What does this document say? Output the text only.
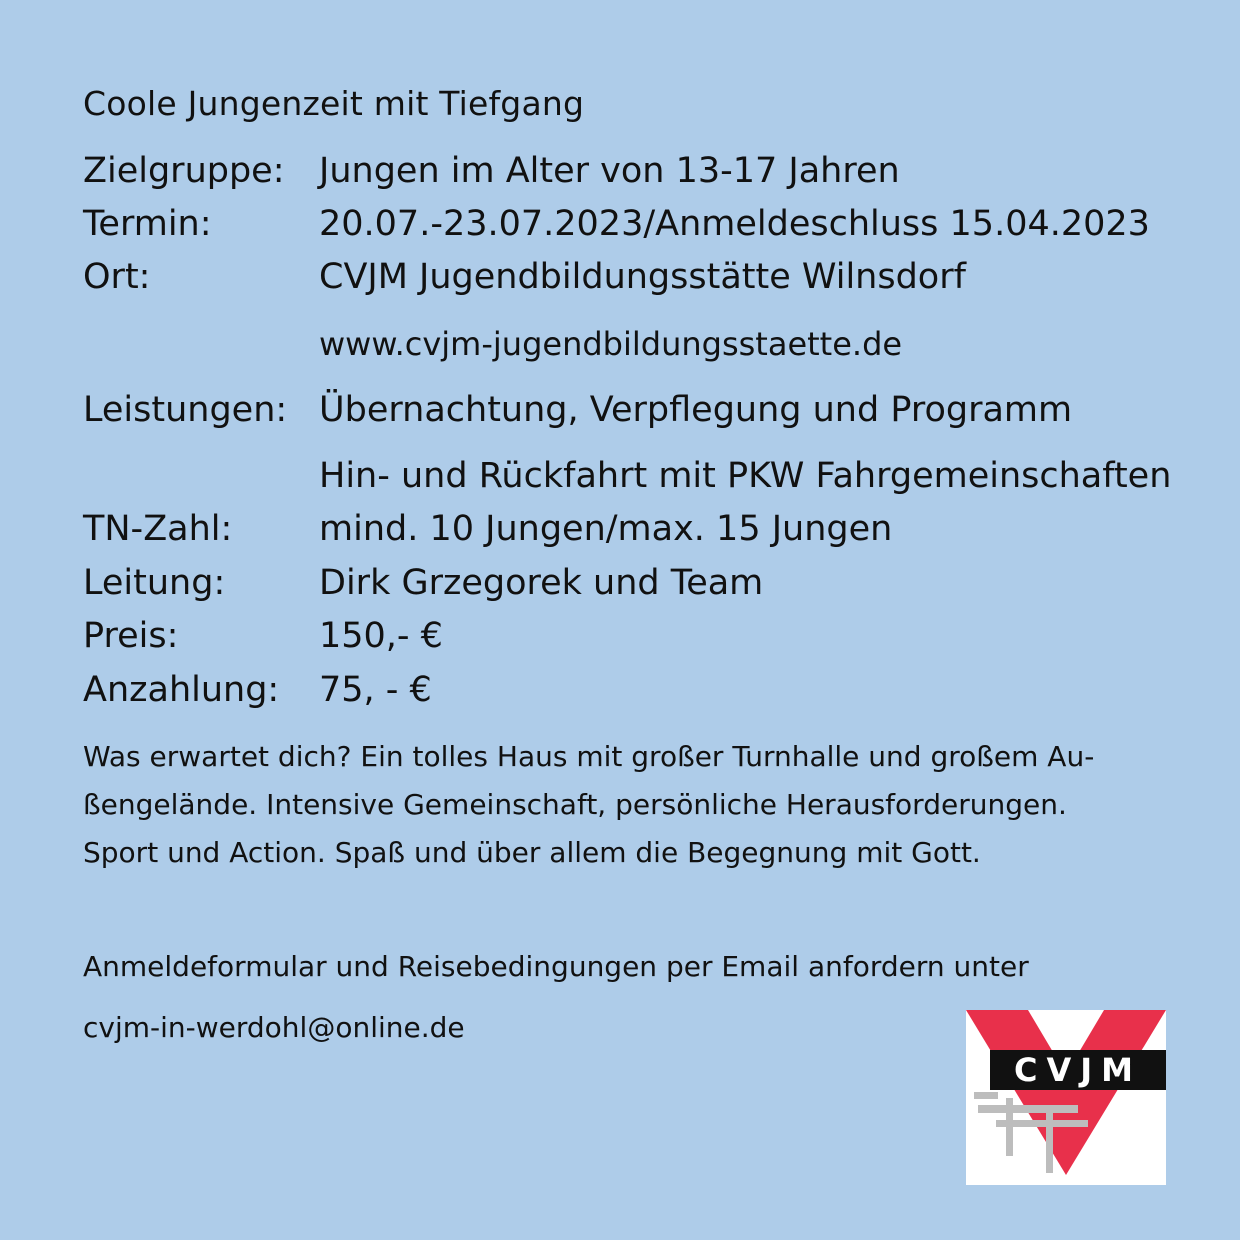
Coole Jungenzeit mit Tiefgang
Zielgruppe: Jungen im Alter von 13-17 Jahren
Termin:	20.07.-23.07.2023/Anmeldeschluss 15.04.2023
Ort:	CVJM Jugendbildungsstätte Wilnsdorf
www.cvjm-jugendbildungsstaette.de
Leistungen: Übernachtung, Verpflegung und Programm
Hin- und Rückfahrt mit PKW Fahrgemeinschaften
TN-Zahl: mind. 10 Jungen/max. 15 Jungen
Leitung:	Dirk Grzegorek und Team
Preis:	150,- €
Anzahlung: 75, - €
Was erwartet dich? Ein tolles Haus mit großer Turnhalle und großem Au-
ßengelände. Intensive Gemeinschaft, persönliche Herausforderungen.
Sport und Action. Spaß und über allem die Begegnung mit Gott.
Anmeldeformular und Reisebedingungen per Email anfordern unter
cvjm-in-werdohl@online.de
CVJM
